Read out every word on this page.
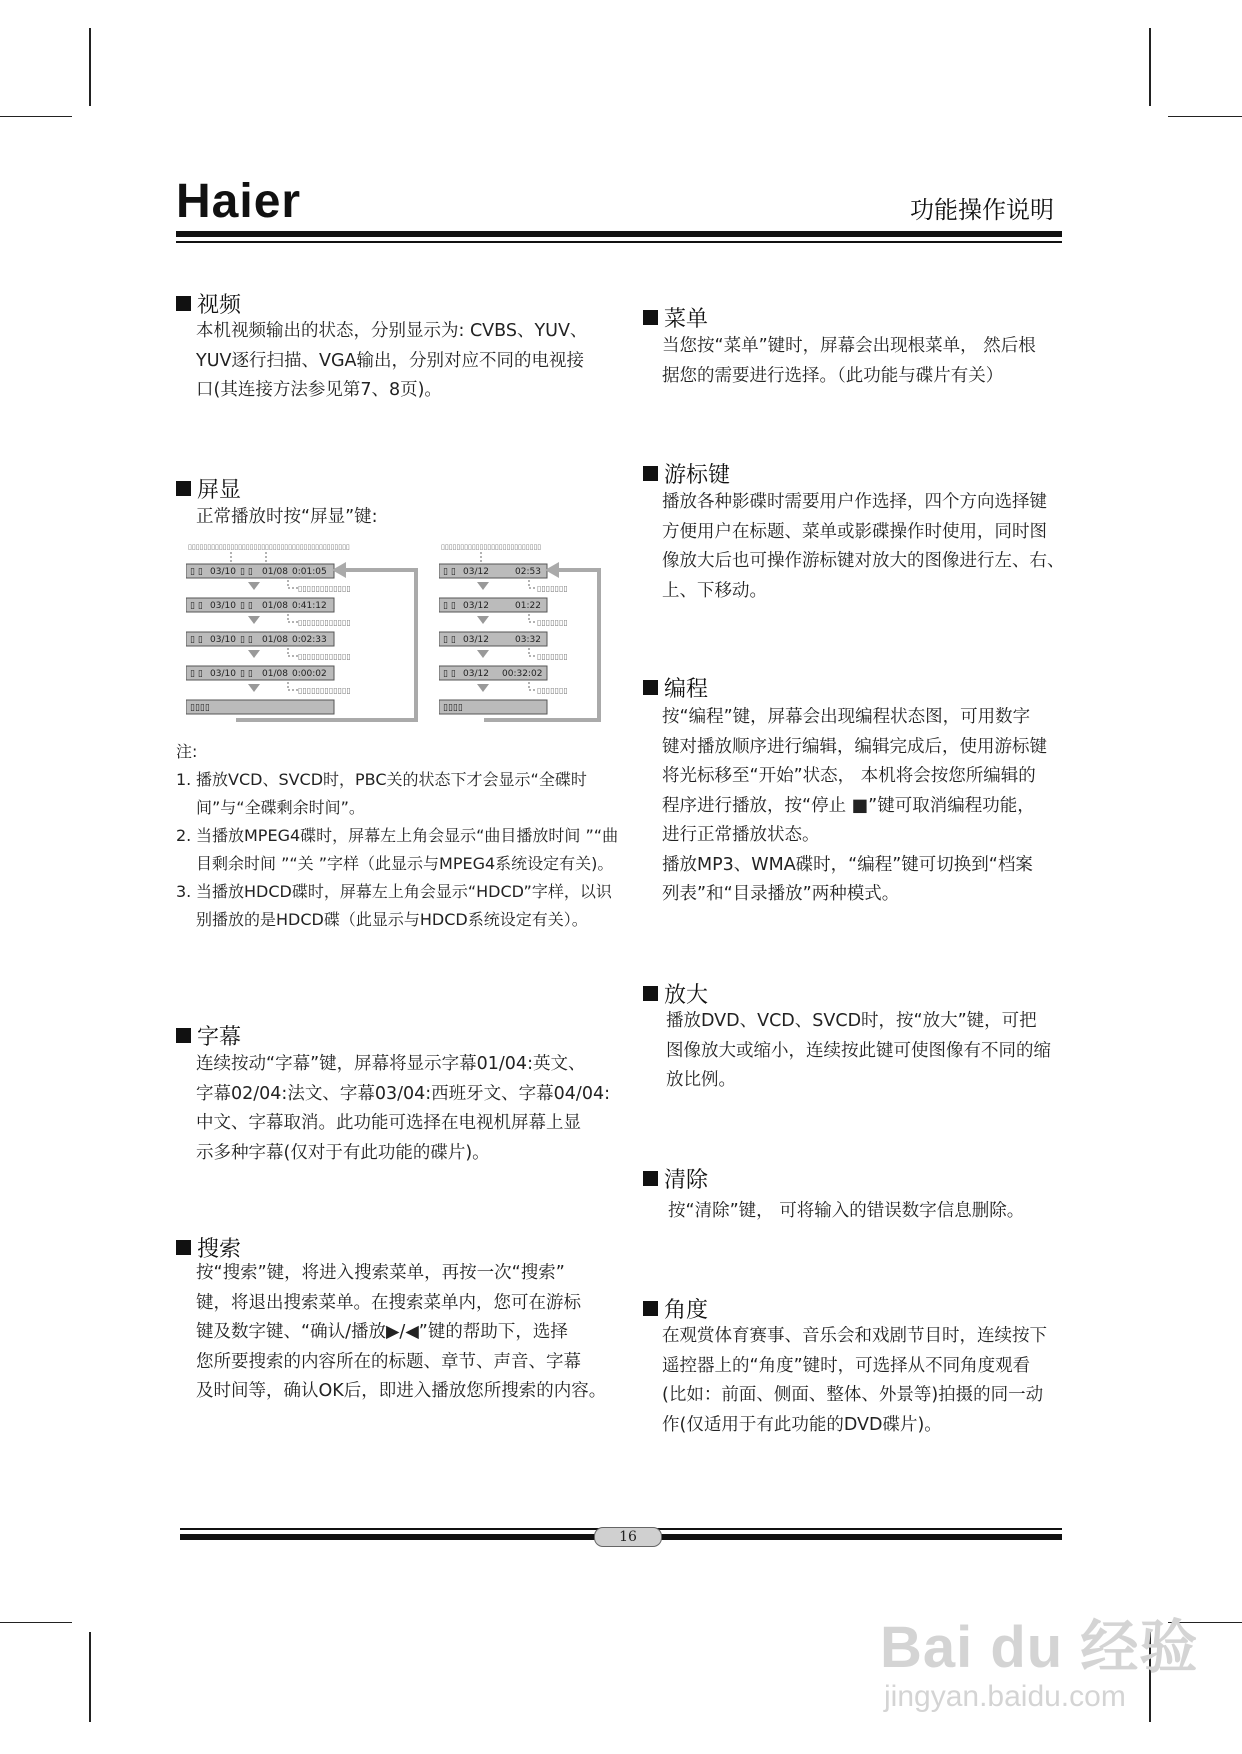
Haier	功能操作说明
视频

本机视频输出的状态，分别显示为: CVBS、YUV、

YUV逐行扫描、VGA输出，分别对应不同的电视接

口(其连接方法参见第7、8页)。

屏显
正常播放时按“屏显”键:
▯▯▯▯▯▯▯▯▯▯▯▯▯▯▯▯▯▯▯▯▯▯▯▯▯▯▯▯▯▯▯▯▯▯▯▯▯▯▯▯▯▯
▯ ▯ 03/10 ▯ ▯ 01/08 0:01:05
▯ ▯ 03/10 ▯ ▯ 01/08 0:41:12
▯ ▯ 03/10 ▯ ▯ 01/08 0:02:33
▯ ▯ 03/10 ▯ ▯ 01/08 0:00:02
▯▯▯▯
▯▯▯▯▯▯▯▯▯▯▯▯
▯▯▯▯▯▯▯▯▯▯▯▯
▯▯▯▯▯▯▯▯▯▯▯▯
▯▯▯▯▯▯▯▯▯▯▯▯
▯▯▯▯▯▯▯▯▯▯▯▯▯▯▯▯▯▯▯▯▯▯▯▯▯▯
▯ ▯ 03/12	02:53
▯ ▯ 03/12	01:22
▯ ▯ 03/12	03:32
▯ ▯ 03/12 00:32:02
▯▯▯▯
▯▯▯▯▯▯▯
▯▯▯▯▯▯▯
▯▯▯▯▯▯▯
▯▯▯▯▯▯▯
注:
1. 播放VCD、SVCD时，PBC关的状态下才会显示“全碟时间”与“全碟剩余时间”。
2. 当播放MPEG4碟时，屏幕左上角会显示“曲目播放时间 ”“曲目剩余时间 ”“关 ”字样（此显示与MPEG4系统设定有关)。
3. 当播放HDCD碟时，屏幕左上角会显示“HDCD”字样，以识别播放的是HDCD碟（此显示与HDCD系统设定有关）。
字幕

连续按动“字幕”键，屏幕将显示字幕01/04:英文、

字幕02/04:法文、字幕03/04:西班牙文、字幕04/04:

中文、字幕取消。此功能可选择在电视机屏幕上显

示多种字幕(仅对于有此功能的碟片)。

搜索

按“搜索”键，将进入搜索菜单，再按一次“搜索”

键，将退出搜索菜单。在搜索菜单内，您可在游标

键及数字键、“确认/播放▶/◀”键的帮助下，选择

您所要搜索的内容所在的标题、章节、声音、字幕

及时间等，确认OK后，即进入播放您所搜索的内容。

菜单

当您按“菜单”键时，屏幕会出现根菜单， 然后根

据您的需要进行选择。（此功能与碟片有关）

游标键

播放各种影碟时需要用户作选择，四个方向选择键

方便用户在标题、菜单或影碟操作时使用，同时图

像放大后也可操作游标键对放大的图像进行左、右、

上、下移动。

编程

按“编程”键，屏幕会出现编程状态图，可用数字

键对播放顺序进行编辑，编辑完成后，使用游标键

将光标移至“开始”状态， 本机将会按您所编辑的

程序进行播放，按“停止 ■”键可取消编程功能，

进行正常播放状态。

播放MP3、WMA碟时，“编程”键可切换到“档案

列表”和“目录播放”两种模式。

放大

播放DVD、VCD、SVCD时，按“放大”键，可把

图像放大或缩小，连续按此键可使图像有不同的缩

放比例。

清除

按“清除”键， 可将输入的错误数字信息删除。

角度

在观赏体育赛事、音乐会和戏剧节目时，连续按下

遥控器上的“角度”键时，可选择从不同角度观看

(比如：前面、侧面、整体、外景等)拍摄的同一动

作(仅适用于有此功能的DVD碟片)。

16
Bai du 经验
jingyan.baidu.com
